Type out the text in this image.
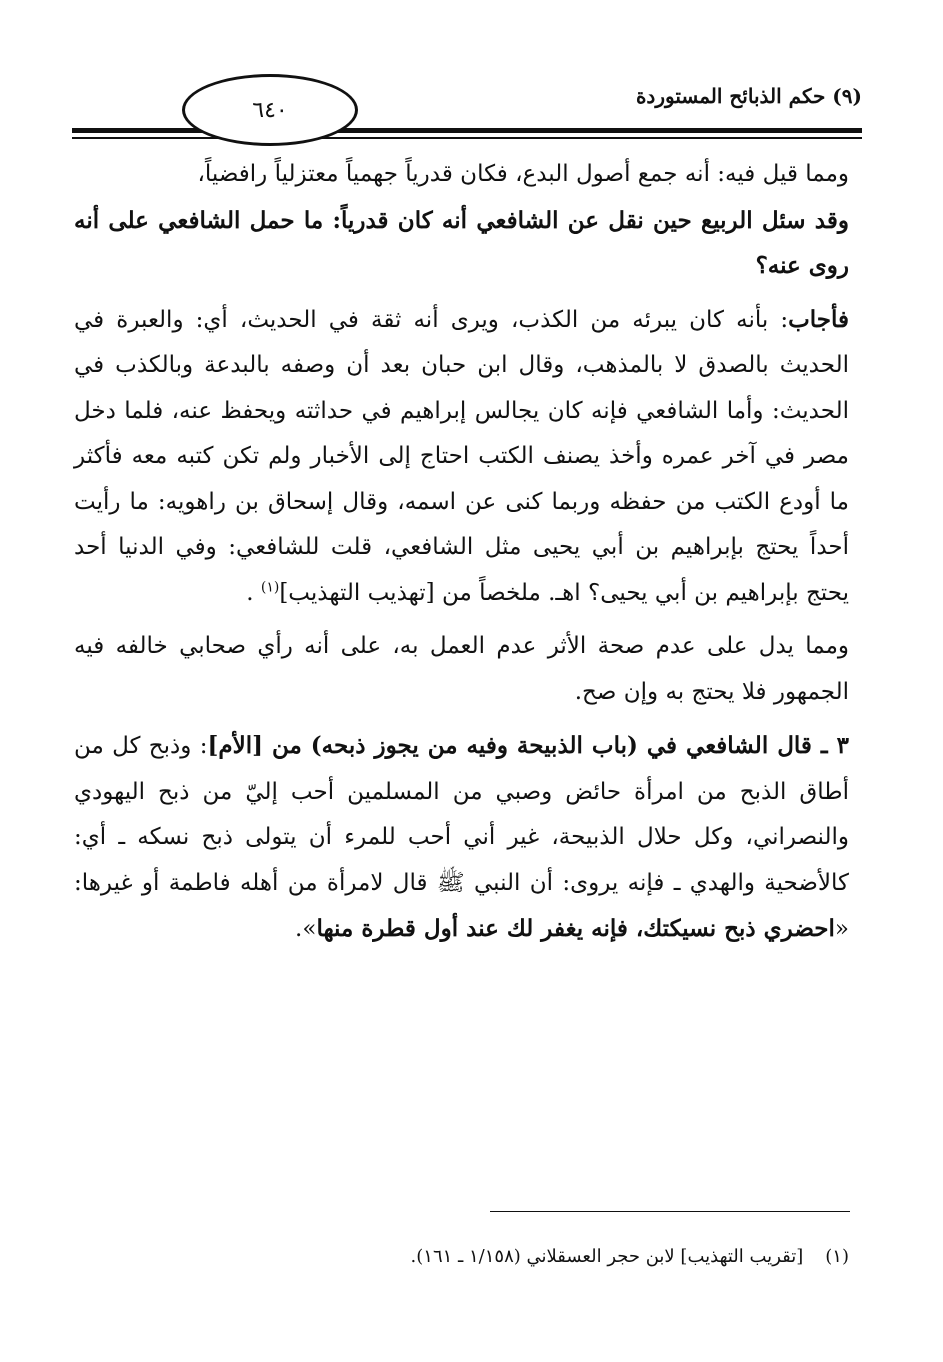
٦٤٠
(٩) حكم الذبائح المستوردة

ومما قيل فيه: أنه جمع أصول البدع، فكان قدرياً جهمياً معتزلياً رافضياً،

وقد سئل الربيع حين نقل عن الشافعي أنه كان قدرياً: ما حمل الشافعي على أنه روى عنه؟

فأجاب: بأنه كان يبرئه من الكذب، ويرى أنه ثقة في الحديث، أي: والعبرة في الحديث بالصدق لا بالمذهب، وقال ابن حبان بعد أن وصفه بالبدعة وبالكذب في الحديث: وأما الشافعي فإنه كان يجالس إبراهيم في حداثته ويحفظ عنه، فلما دخل مصر في آخر عمره وأخذ يصنف الكتب احتاج إلى الأخبار ولم تكن كتبه معه فأكثر ما أودع الكتب من حفظه وربما كنى عن اسمه، وقال إسحاق بن راهويه: ما رأيت أحداً يحتج بإبراهيم بن أبي يحيى مثل الشافعي، قلت للشافعي: وفي الدنيا أحد يحتج بإبراهيم بن أبي يحيى؟ اهـ. ملخصاً من [تهذيب التهذيب]$^{(١)}$ .

ومما يدل على عدم صحة الأثر عدم العمل به، على أنه رأي صحابي خالفه فيه الجمهور فلا يحتج به وإن صح.

٣ ـ قال الشافعي في (باب الذبيحة وفيه من يجوز ذبحه) من [الأم]: وذبح كل من أطاق الذبح من امرأة حائض وصبي من المسلمين أحب إليّ من ذبح اليهودي والنصراني، وكل حلال الذبيحة، غير أني أحب للمرء أن يتولى ذبح نسكه ـ أي: كالأضحية والهدي ـ فإنه يروى: أن النبي ﷺ قال لامرأة من أهله فاطمة أو غيرها: «احضري ذبح نسيكتك، فإنه يغفر لك عند أول قطرة منها».

(١)[تقريب التهذيب] لابن حجر العسقلاني (١/١٥٨ ـ ١٦١).
